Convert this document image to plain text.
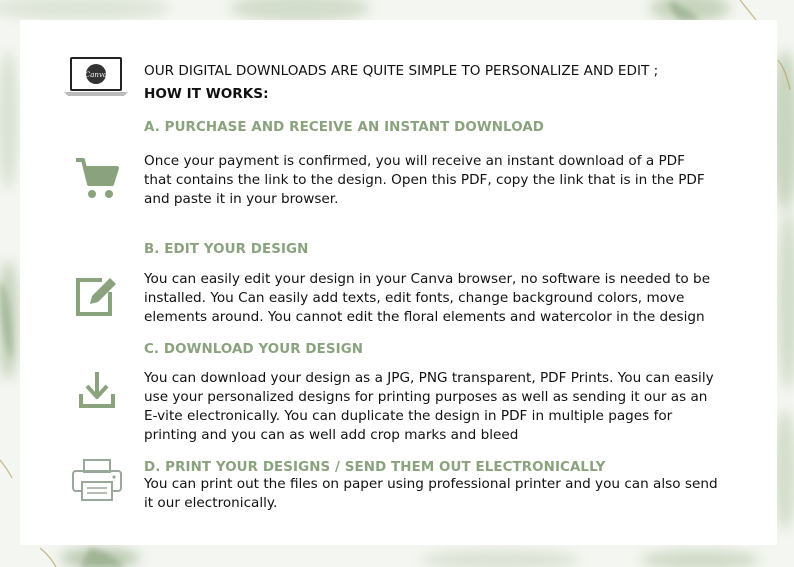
Canva	OUR DIGITAL DOWNLOADS ARE QUITE SIMPLE TO PERSONALIZE AND EDIT ;

HOW IT WORKS:

A. PURCHASE AND RECEIVE AN INSTANT DOWNLOAD

Once your payment is confirmed, you will receive an instant download of a PDF
that contains the link to the design. Open this PDF, copy the link that is in the PDF
and paste it in your browser.

B. EDIT YOUR DESIGN

You can easily edit your design in your Canva browser, no software is needed to be
installed. You Can easily add texts, edit fonts, change background colors, move
elements around. You cannot edit the floral elements and watercolor in the design

C. DOWNLOAD YOUR DESIGN

You can download your design as a JPG, PNG transparent, PDF Prints. You can easily
use your personalized designs for printing purposes as well as sending it our as an
E-vite electronically. You can duplicate the design in PDF in multiple pages for
printing and you can as well add crop marks and bleed

D. PRINT YOUR DESIGNS / SEND THEM OUT ELECTRONICALLY

You can print out the files on paper using professional printer and you can also send
it our electronically.
